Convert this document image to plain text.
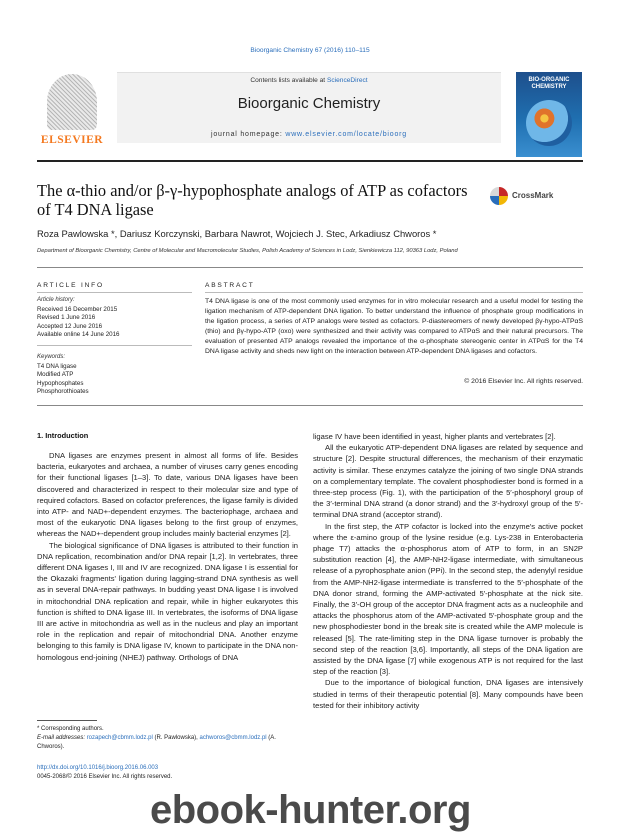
Bioorganic Chemistry 67 (2016) 110–115
ELSEVIER
Contents lists available at ScienceDirect
Bioorganic Chemistry
journal homepage: www.elsevier.com/locate/bioorg
BIO-ORGANIC CHEMISTRY
The α-thio and/or β-γ-hypophosphate analogs of ATP as cofactors of T4 DNA ligase
CrossMark
Roza Pawlowska *, Dariusz Korczynski, Barbara Nawrot, Wojciech J. Stec, Arkadiusz Chworos *
Department of Bioorganic Chemistry, Centre of Molecular and Macromolecular Studies, Polish Academy of Sciences in Lodz, Sienkiewicza 112, 90363 Lodz, Poland
ARTICLE INFO
Article history:
Received 16 December 2015
Revised 1 June 2016
Accepted 12 June 2016
Available online 14 June 2016
Keywords:
T4 DNA ligase
Modified ATP
Hypophosphates
Phosphorothioates
ABSTRACT
T4 DNA ligase is one of the most commonly used enzymes for in vitro molecular research and a useful model for testing the ligation mechanism of ATP-dependent DNA ligation. To better understand the influence of phosphate group modifications in the ligation process, a series of ATP analogs were tested as cofactors. P-diastereomers of newly developed βγ-hypo-ATPαS (thio) and βγ-hypo-ATP (oxo) were synthesized and their activity was compared to ATPαS and their natural precursors. The evaluation of presented ATP analogs revealed the importance of the α-phosphate stereogenic center in ATPαS for the T4 DNA ligase activity and sheds new light on the interaction between ATP-dependent DNA ligases and cofactors.
© 2016 Elsevier Inc. All rights reserved.
1. Introduction

DNA ligases are enzymes present in almost all forms of life. Besides bacteria, eukaryotes and archaea, a number of viruses carry genes encoding for their functional ligases [1–3]. To date, various DNA ligases have been discovered and characterized in respect to their molecular size and type of required cofactors. Based on cofactor preferences, the ligase family is divided into ATP- and NAD+-dependent enzymes. The bacteriophage, archaea and most of the eukaryotic DNA ligases belong to the first group of enzymes, whereas the NAD+-dependent group includes mainly bacterial enzymes [2].

The biological significance of DNA ligases is attributed to their function in DNA replication, recombination and/or DNA repair [1,2]. In vertebrates, three different DNA ligases I, III and IV are recognized. DNA ligase I is essential for the Okazaki fragments' ligation during lagging-strand DNA synthesis as well as in several DNA-repair pathways. In budding yeast DNA ligase I is involved in mitochondrial DNA replication and repair, while in higher eukaryotes this function is shifted to DNA ligase III. In vertebrates, the isoforms of DNA ligase III are active in mitochondria as well as in the nucleus and play an important role in the replication and repair of mitochondrial DNA. Another enzyme belonging to this family is DNA ligase IV, known to participate in the DNA non-homologous end-joining (NHEJ) pathway. Orthologs of DNA

ligase IV have been identified in yeast, higher plants and vertebrates [2].

All the eukaryotic ATP-dependent DNA ligases are related by sequence and structure [2]. Despite structural differences, the mechanism of their enzymatic activity is similar. These enzymes catalyze the joining of two single DNA strands on a complementary template. The covalent phosphodiester bond is formed in a three-step process (Fig. 1), with the participation of the 5′-phosphoryl group of the 3′-terminal DNA strand (a donor strand) and the 3′-hydroxyl group of the 5′-terminal DNA strand (acceptor strand).

In the first step, the ATP cofactor is locked into the enzyme's active pocket where the ε-amino group of the lysine residue (e.g. Lys-238 in Enterobacteria phage T7) attacks the α-phosphorus atom of ATP to form, in an SN2P substitution reaction [4], the AMP-NH2-ligase intermediate, with simultaneous release of a pyrophosphate anion (PPi). In the second step, the adenylyl residue from the AMP-NH2-ligase intermediate is transferred to the 5′-phosphate of the DNA donor strand, forming the AMP-activated 5′-phosphate at the nick site. Finally, the 3′-OH group of the acceptor DNA fragment acts as a nucleophile and attacks the phosphorus atom of the AMP-activated 5′-phosphate group and the new phosphodiester bond in the break site is created while the AMP molecule is released [5]. The rate-limiting step in the DNA ligase turnover is probably the second step of the reaction [3,6]. Importantly, all steps of the DNA ligation are assisted by the DNA ligase [7] while exogenous ATP is not required for the last step of the reaction [3].

Due to the importance of biological function, DNA ligases are intensively studied in terms of their therapeutic potential [8]. Many compounds have been tested for their inhibitory activity

* Corresponding authors.
E-mail addresses: rozapech@cbmm.lodz.pl (R. Pawlowska), achworos@cbmm.lodz.pl (A. Chworos).
http://dx.doi.org/10.1016/j.bioorg.2016.06.003
0045-2068/© 2016 Elsevier Inc. All rights reserved.
ebook-hunter.org
